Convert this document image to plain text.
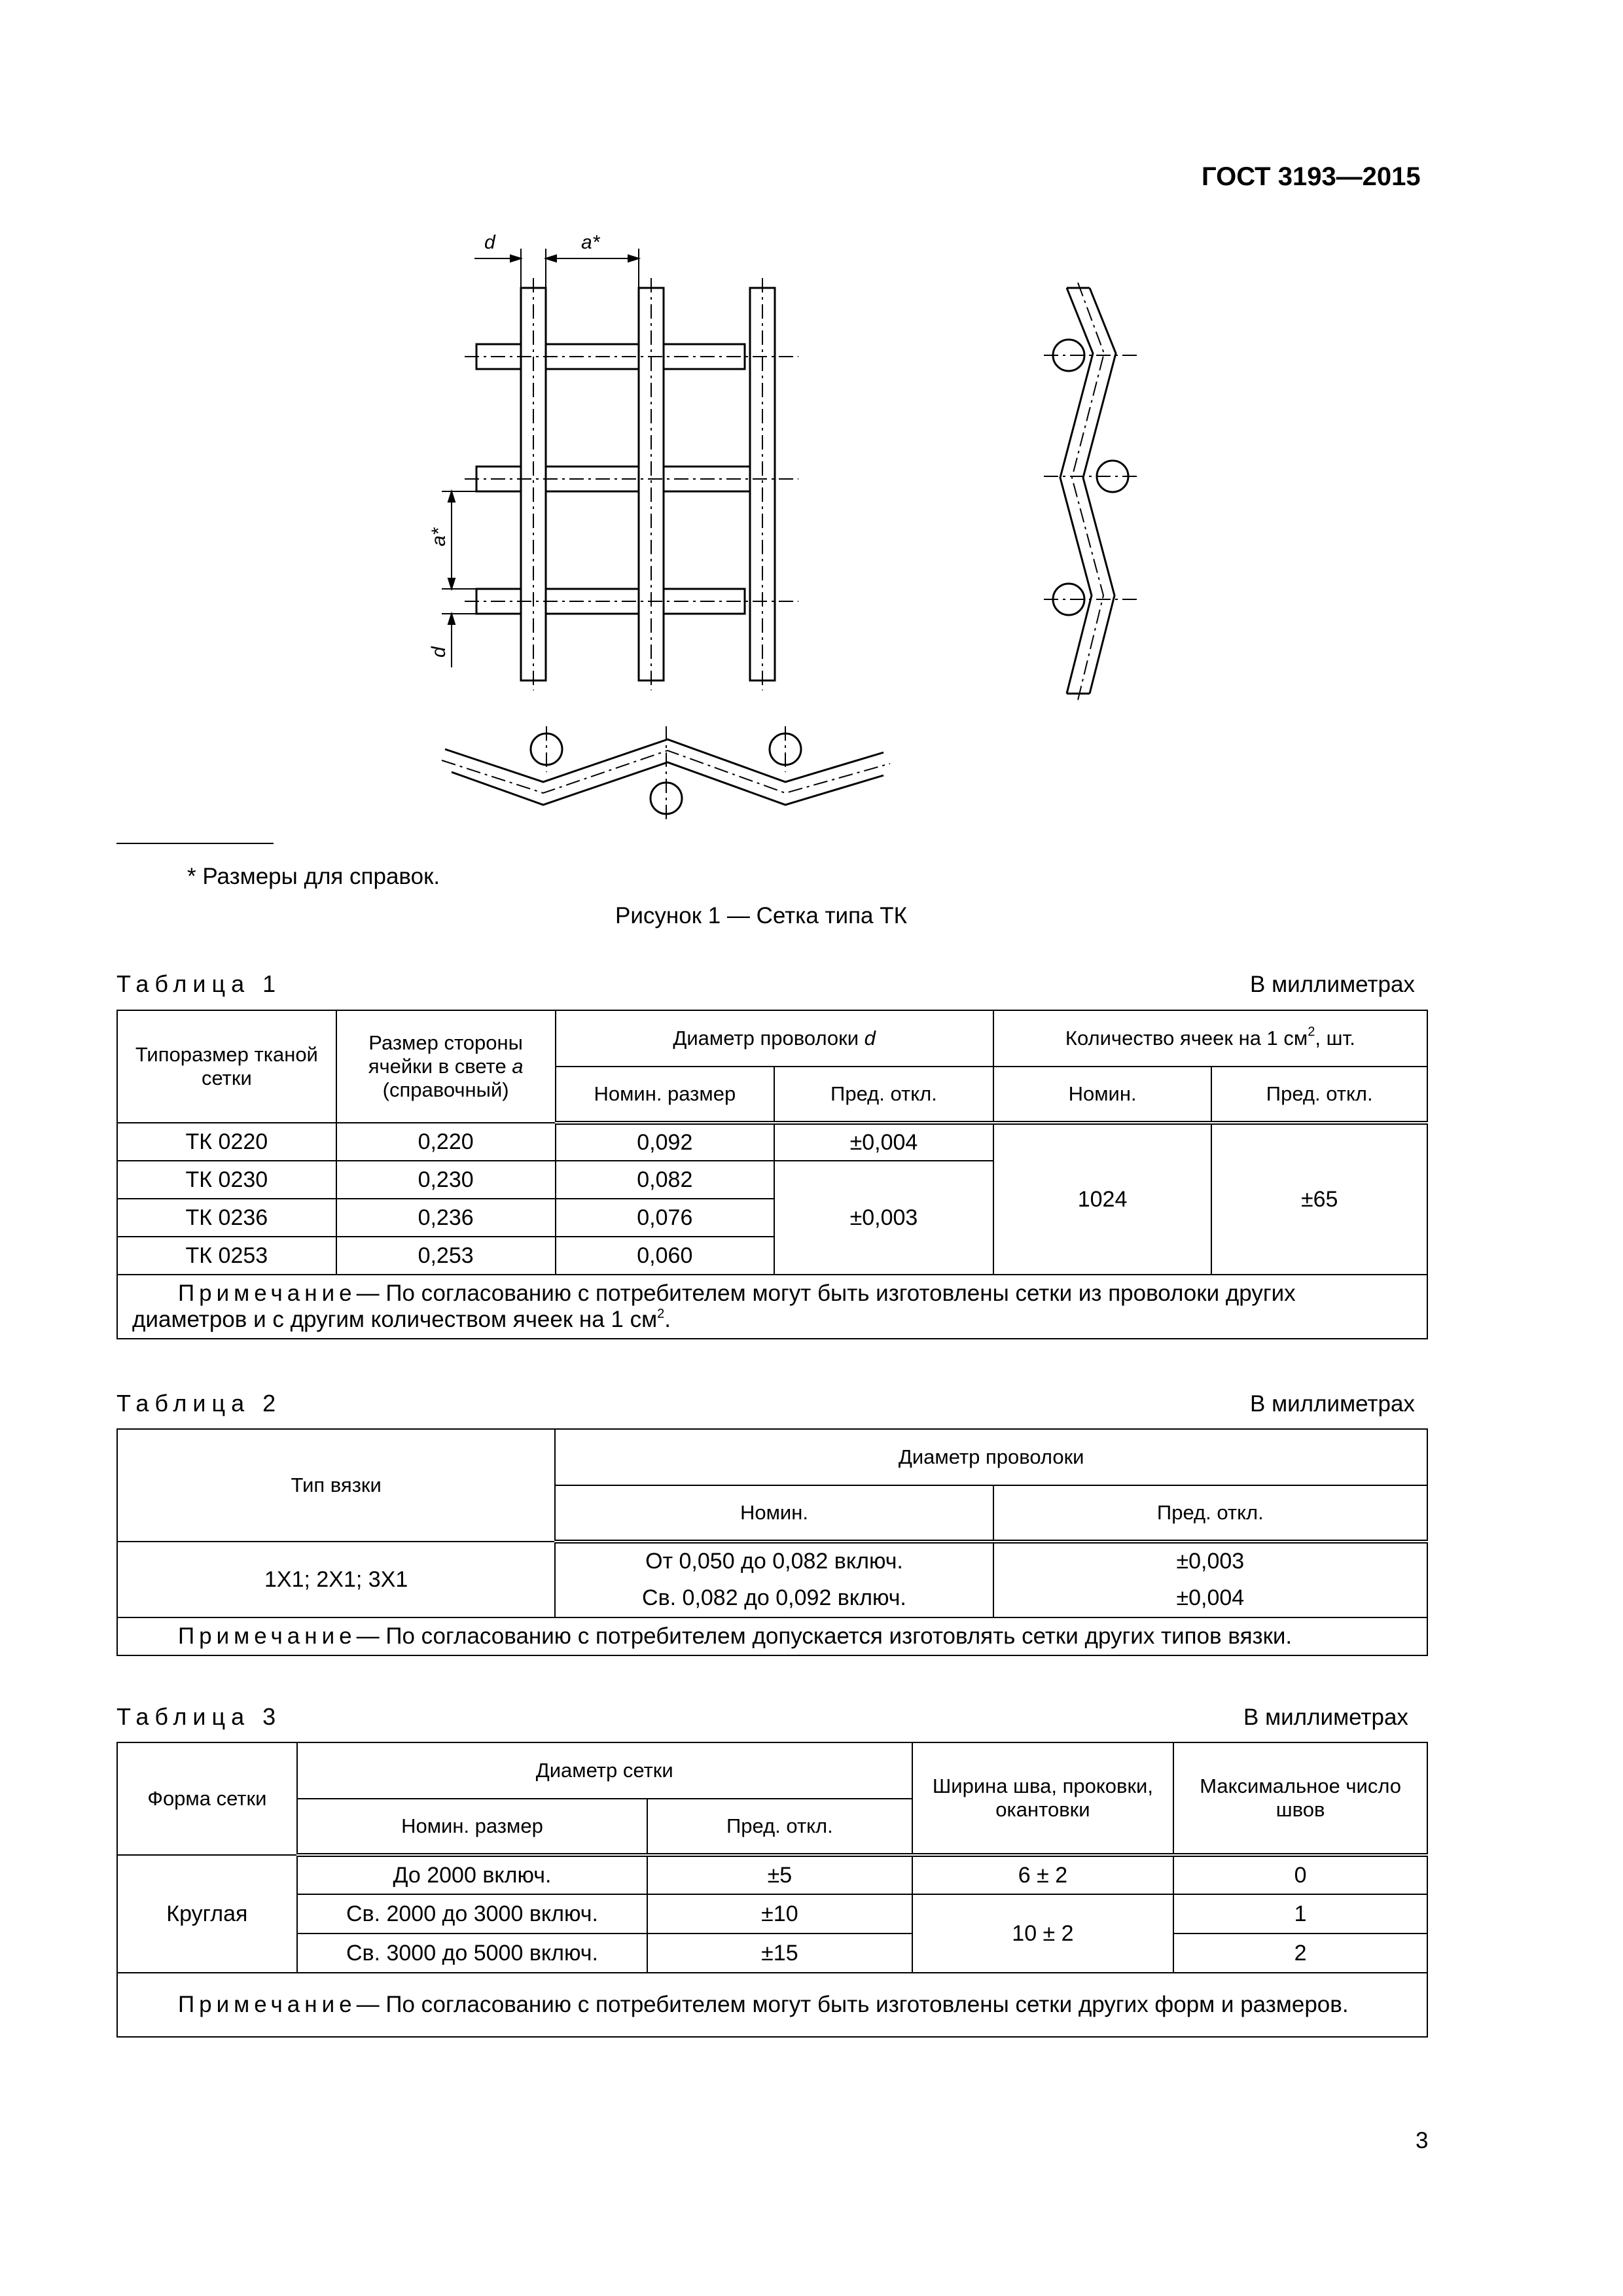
ГОСТ 3193—2015
d	a*
a*
d
* Размеры для справок.
Рисунок 1 — Сетка типа ТК
Таблица 1	В миллиметрах
Типоразмер тканой сетки	Размер стороны ячейки в свете a (справочный)	Диаметр проволоки d		Количество ячеек на 1 $см^2$, шт.	
		Номин. размер	Пред. откл.	Номин.	Пред. откл.
ТК 0220	0,220	0,092	±0,004	1024	±65
ТК 0230	0,230	0,082	±0,003		
ТК 0236	0,236	0,076			
ТК 0253	0,253	0,060			
Примечание— По согласованию с потребителем могут быть изготовлены сетки из проволоки других диаметров и с другим количеством ячеек на 1 $см^2$.					
Таблица 2	В миллиметрах
Тип вязки	Диаметр проволоки	
	Номин.	Пред. откл.
1Х1; 2Х1; 3Х1	От 0,050 до 0,082 включ.	±0,003
	Св. 0,082 до 0,092 включ.	±0,004
Примечание— По согласованию с потребителем допускается изготовлять сетки других типов вязки.		
Таблица 3	В миллиметрах
Форма сетки	Диаметр сетки		Ширина шва, проковки, окантовки	Максимальное число швов
	Номин. размер	Пред. откл.		
Круглая	До 2000 включ.	±5	6 ± 2	0
	Св. 2000 до 3000 включ.	±10	10 ± 2	1
	Св. 3000 до 5000 включ.	±15		2
Примечание— По согласованию с потребителем могут быть изготовлены сетки других форм и размеров.				
3
